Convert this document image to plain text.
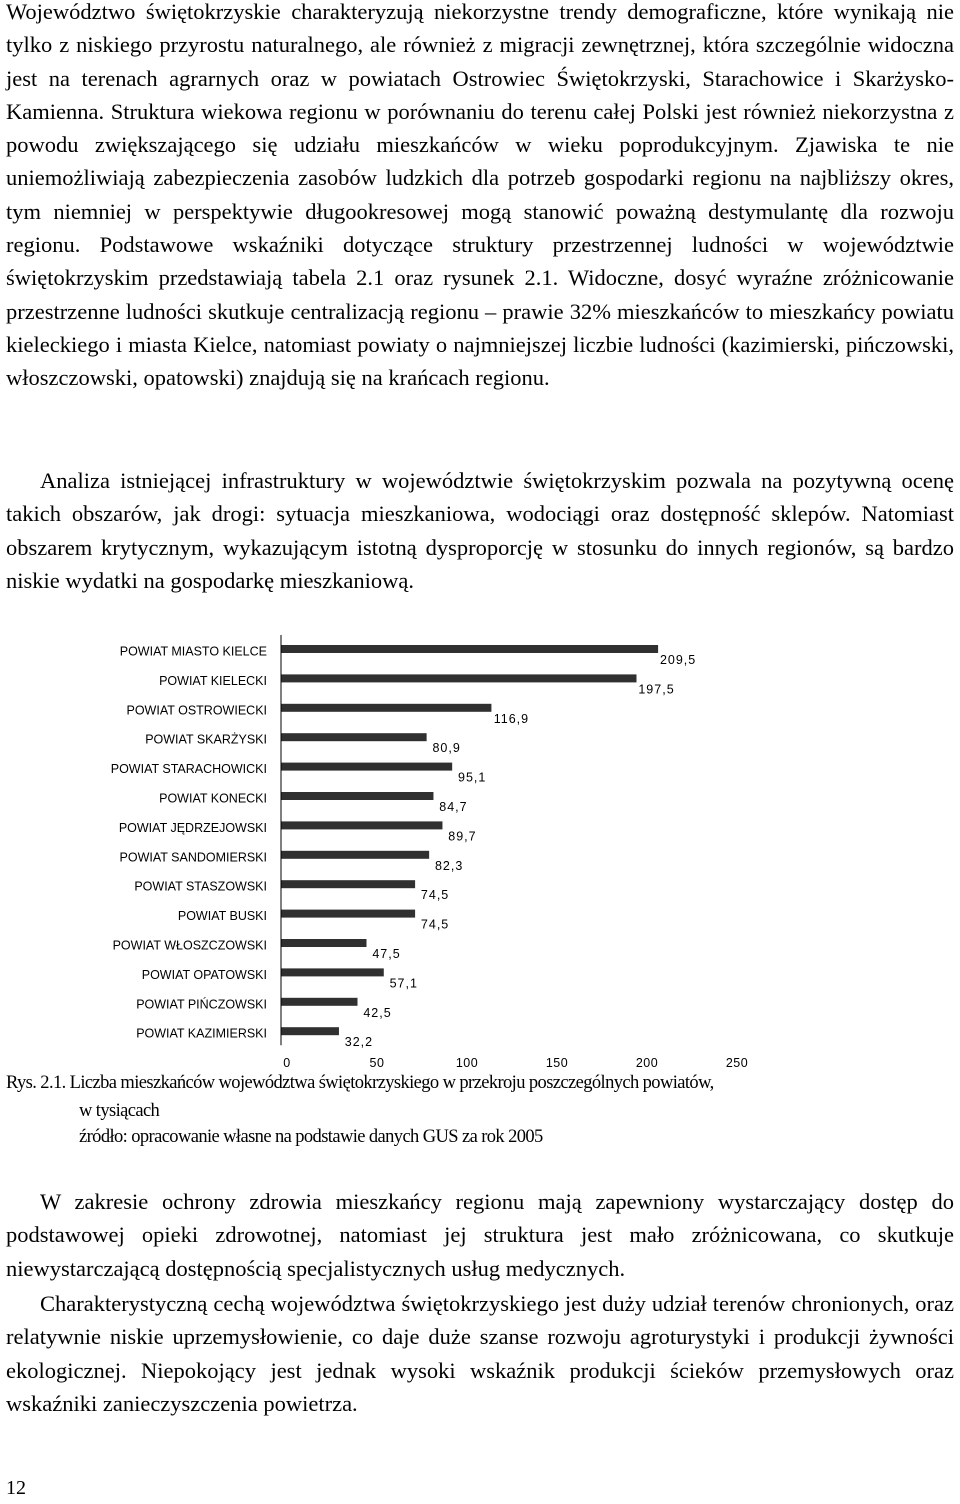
Województwo świętokrzyskie charakteryzują niekorzystne trendy demograficzne, które wynikają nie tylko z niskiego przyrostu naturalnego, ale również z migracji zewnętrznej, która szczególnie widoczna jest na terenach agrarnych oraz w powiatach Ostrowiec Świętokrzyski, Starachowice i Skarżysko-Kamienna. Struktura wiekowa regionu w porównaniu do terenu całej Polski jest również niekorzystna z powodu zwiększającego się udziału mieszkańców w wieku poprodukcyjnym. Zjawiska te nie uniemożliwiają zabezpieczenia zasobów ludzkich dla potrzeb gospodarki regionu na najbliższy okres, tym niemniej w perspektywie długookresowej mogą stanowić poważną destymulantę dla rozwoju regionu. Podstawowe wskaźniki dotyczące struktury przestrzennej ludności w województwie świętokrzyskim przedstawiają tabela 2.1 oraz rysunek 2.1. Widoczne, dosyć wyraźne zróżnicowanie przestrzenne ludności skutkuje centralizacją regionu – prawie 32% mieszkańców to mieszkańcy powiatu kieleckiego i miasta Kielce, natomiast powiaty o najmniejszej liczbie ludności (kazimierski, pińczowski, włoszczowski, opatowski) znajdują się na krańcach regionu.

Analiza istniejącej infrastruktury w województwie świętokrzyskim pozwala na pozytywną ocenę takich obszarów, jak drogi: sytuacja mieszkaniowa, wodociągi oraz dostępność sklepów. Natomiast obszarem krytycznym, wykazującym istotną dysproporcję w stosunku do innych regionów, są bardzo niskie wydatki na gospodarkę mieszkaniową.

POWIAT MIASTO KIELCE
POWIAT KIELECKI
POWIAT OSTROWIECKI
POWIAT SKARŻYSKI
POWIAT STARACHOWICKI
POWIAT KONECKI
POWIAT JĘDRZEJOWSKI
POWIAT SANDOMIERSKI
POWIAT STASZOWSKI
POWIAT BUSKI
POWIAT WŁOSZCZOWSKI
POWIAT OPATOWSKI
POWIAT PIŃCZOWSKI
POWIAT KAZIMIERSKI
209,5
197,5
116,9
80,9
95,1
84,7
89,7
82,3
74,5
74,5
47,5
57,1
42,5
32,2
0	50	100	150	200	250
Rys. 2.1. Liczba mieszkańców województwa świętokrzyskiego w przekroju poszczególnych powiatów,
w tysiącach
źródło: opracowanie własne na podstawie danych GUS za rok 2005

W zakresie ochrony zdrowia mieszkańcy regionu mają zapewniony wystarczający dostęp do podstawowej opieki zdrowotnej, natomiast jej struktura jest mało zróżnicowana, co skutkuje niewystarczającą dostępnością specjalistycznych usług medycznych.

Charakterystyczną cechą województwa świętokrzyskiego jest duży udział terenów chronionych, oraz relatywnie niskie uprzemysłowienie, co daje duże szanse rozwoju agroturystyki i produkcji żywności ekologicznej. Niepokojący jest jednak wysoki wskaźnik produkcji ścieków przemysłowych oraz wskaźniki zanieczyszczenia powietrza.

12
